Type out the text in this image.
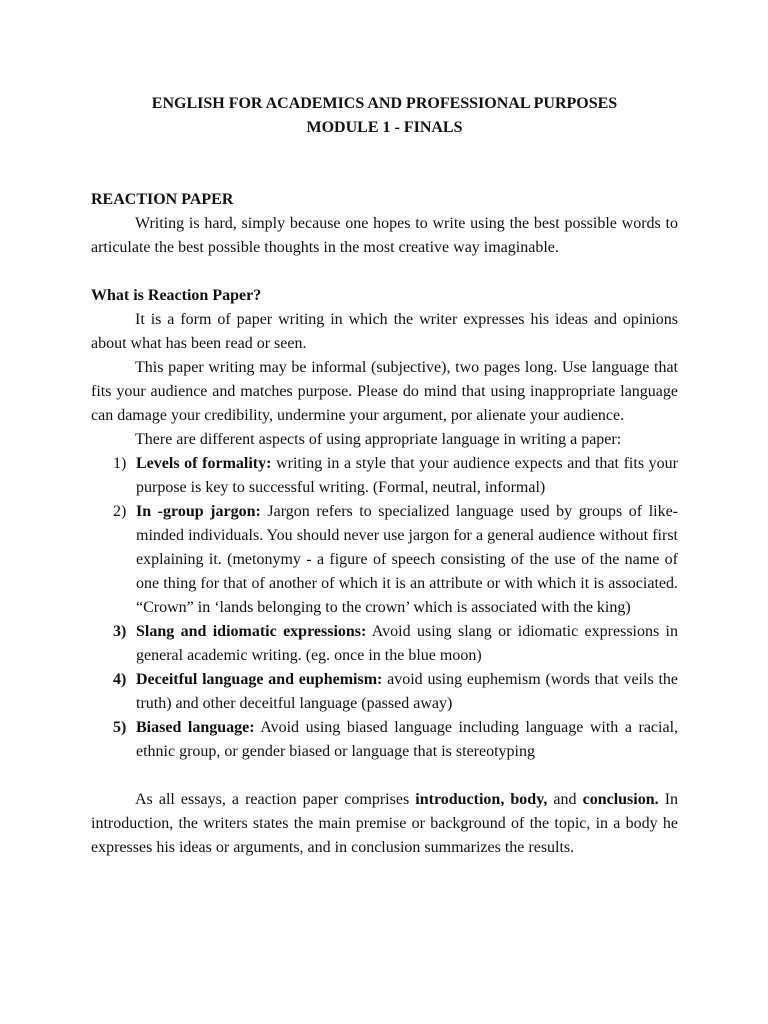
ENGLISH FOR ACADEMICS AND PROFESSIONAL PURPOSES

MODULE 1 - FINALS

REACTION PAPER

Writing is hard, simply because one hopes to write using the best possible words to articulate the best possible thoughts in the most creative way imaginable.

What is Reaction Paper?

It is a form of paper writing in which the writer expresses his ideas and opinions about what has been read or seen.

This paper writing may be informal (subjective), two pages long. Use language that fits your audience and matches purpose. Please do mind that using inappropriate language can damage your credibility, undermine your argument, por alienate your audience.

There are different aspects of using appropriate language in writing a paper:

1) Levels of formality: writing in a style that your audience expects and that fits your purpose is key to successful writing. (Formal, neutral, informal)
2) In -group jargon: Jargon refers to specialized language used by groups of like-minded individuals. You should never use jargon for a general audience without first explaining it. (metonymy - a figure of speech consisting of the use of the name of one thing for that of another of which it is an attribute or with which it is associated. “Crown” in ‘lands belonging to the crown’ which is associated with the king)
3) Slang and idiomatic expressions: Avoid using slang or idiomatic expressions in general academic writing. (eg. once in the blue moon)
4) Deceitful language and euphemism: avoid using euphemism (words that veils the truth) and other deceitful language (passed away)
5) Biased language: Avoid using biased language including language with a racial, ethnic group, or gender biased or language that is stereotyping

As all essays, a reaction paper comprises introduction, body, and conclusion. In introduction, the writers states the main premise or background of the topic, in a body he expresses his ideas or arguments, and in conclusion summarizes the results.
